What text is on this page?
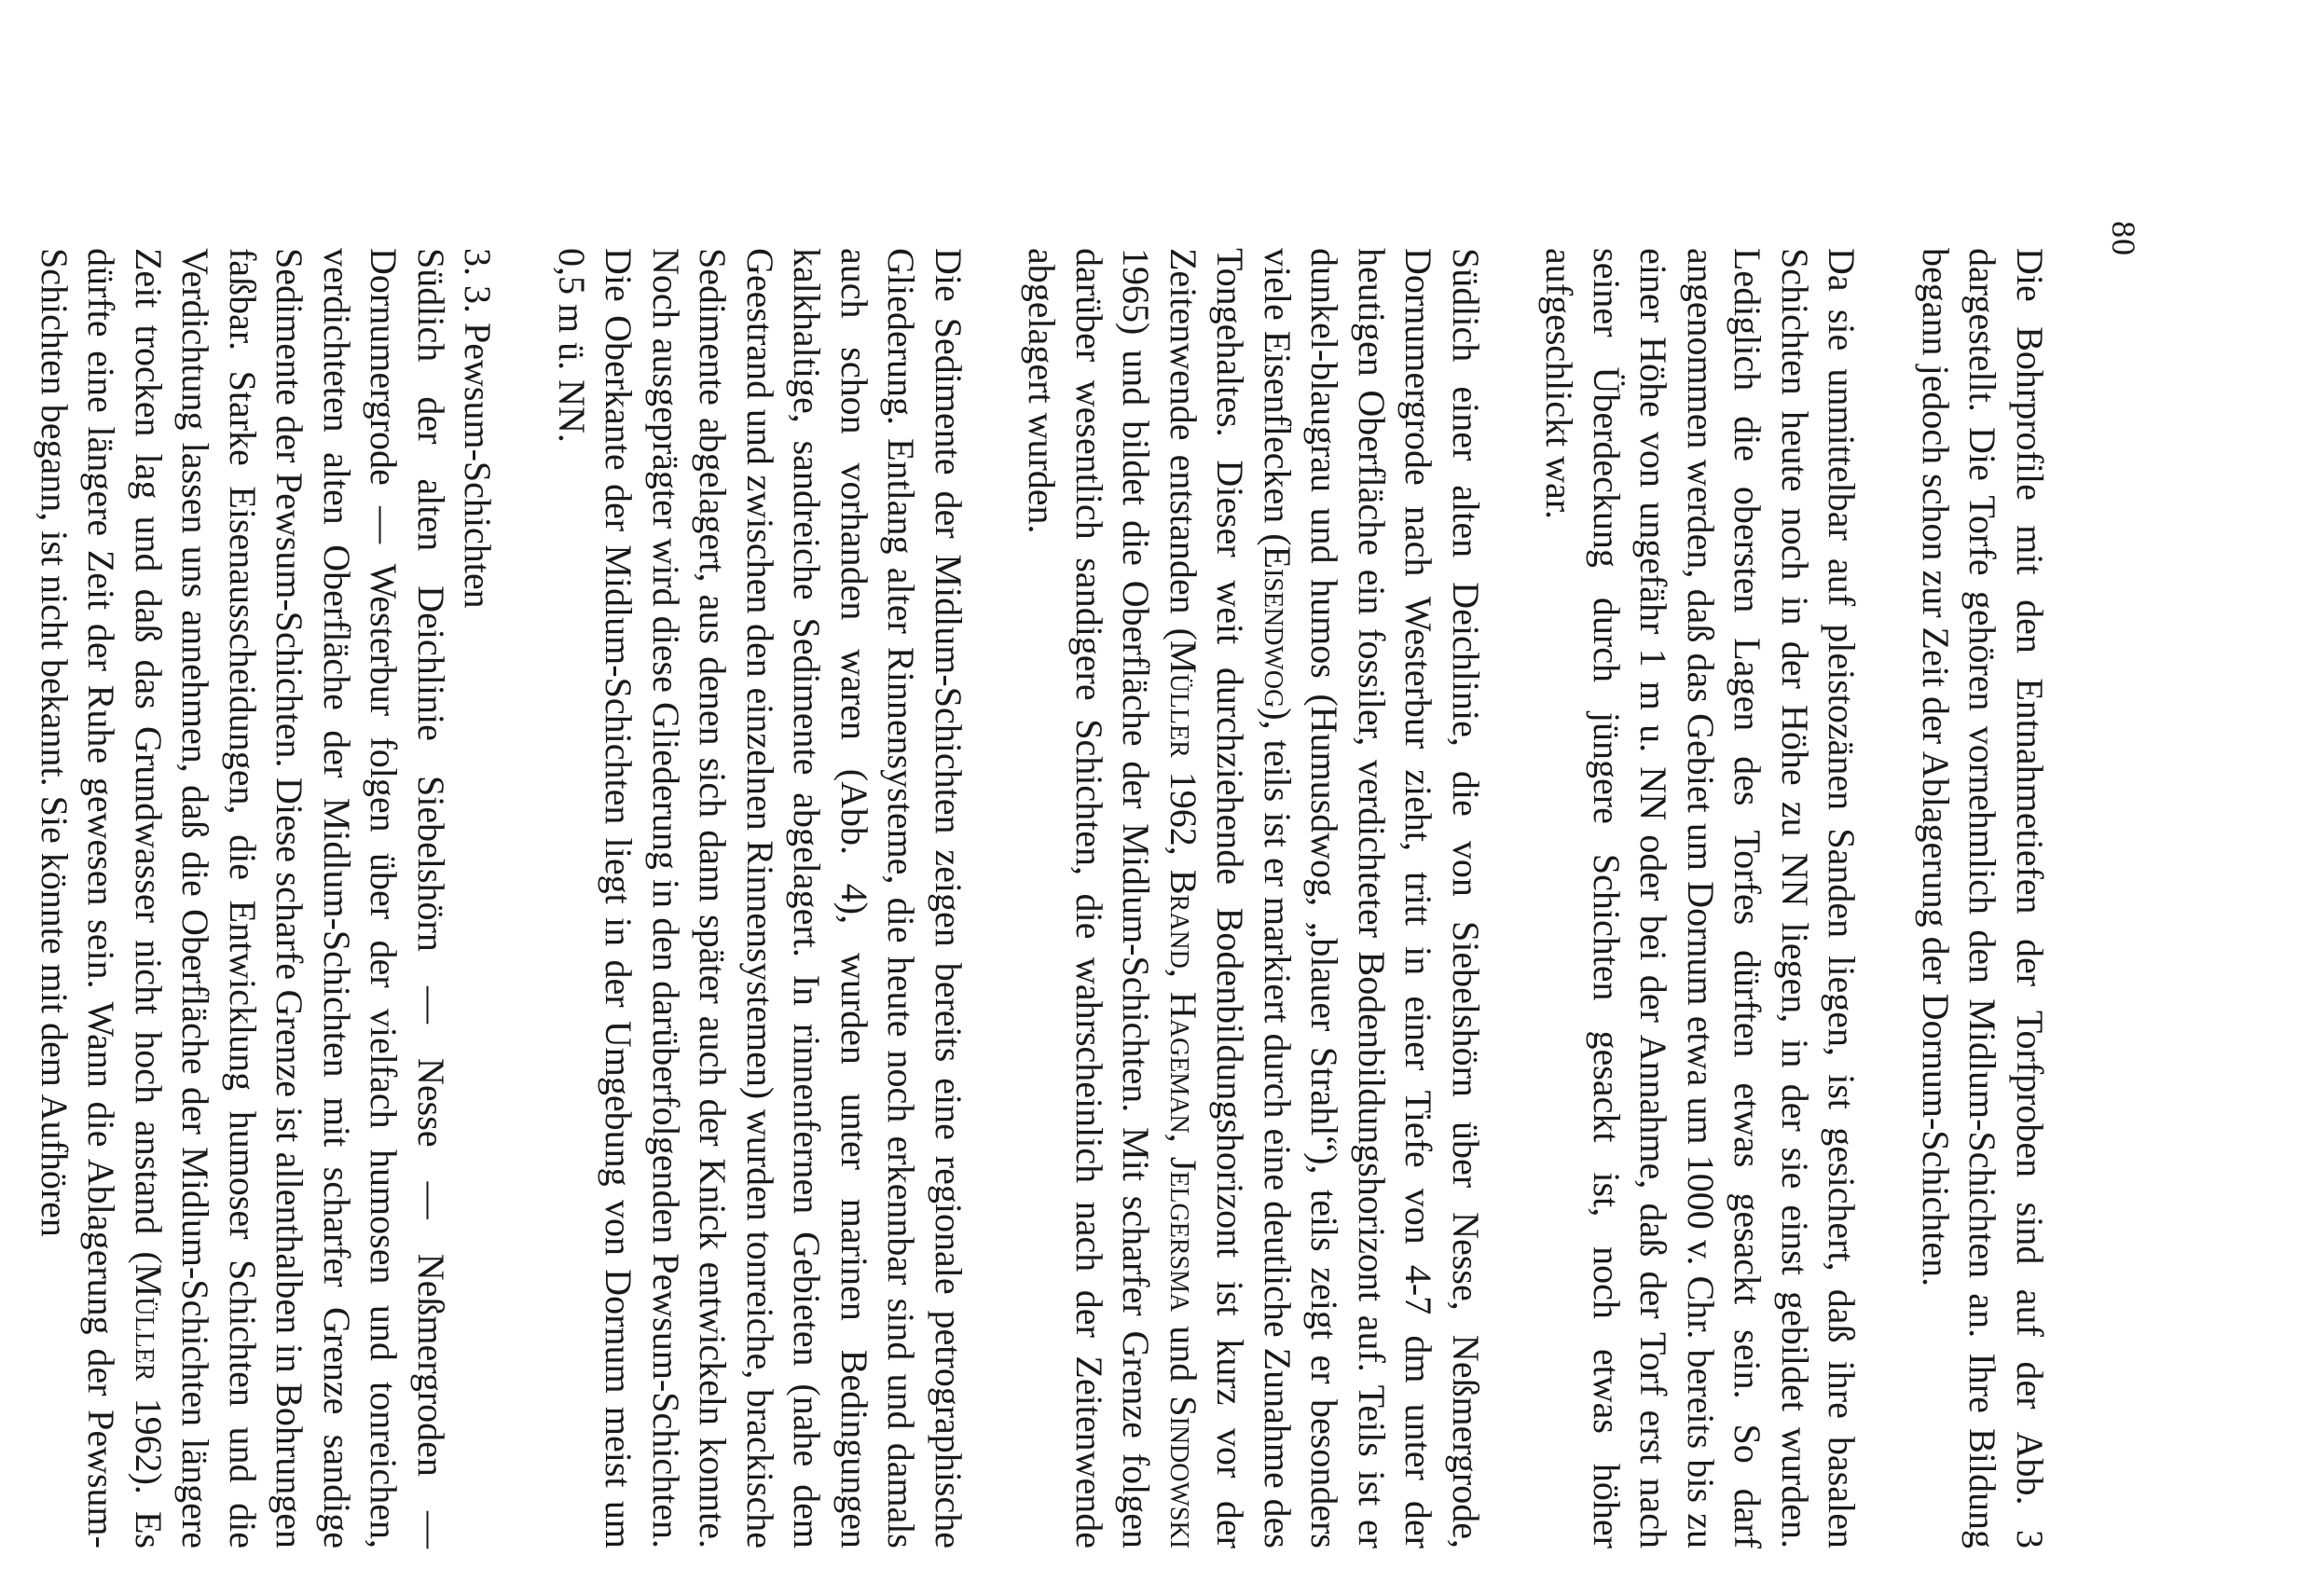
80

Die Bohrprofile mit den Entnahmetiefen der Torfproben sind auf der Abb. 3 dargestellt. Die Torfe gehören vornehmlich den Midlum-Schichten an. Ihre Bildung begann jedoch schon zur Zeit der Ablagerung der Dornum-Schichten.

Da sie unmittelbar auf pleistozänen Sanden liegen, ist gesichert, daß ihre basalen Schichten heute noch in der Höhe zu NN liegen, in der sie einst gebildet wurden. Lediglich die obersten Lagen des Torfes dürften etwas gesackt sein. So darf angenommen werden, daß das Gebiet um Dornum etwa um 1000 v. Chr. bereits bis zu einer Höhe von ungefähr 1 m u. NN oder bei der Annahme, daß der Torf erst nach seiner Überdeckung durch jüngere Schichten gesackt ist, noch etwas höher aufgeschlickt war.

Südlich einer alten Deichlinie, die von Siebelshörn über Nesse, Neßmergrode, Dornumergrode nach Westerbur zieht, tritt in einer Tiefe von 4-7 dm unter der heutigen Oberfläche ein fossiler, verdichteter Bodenbildungshorizont auf. Teils ist er dunkel-blaugrau und humos (Humusdwog, „blauer Strahl“), teils zeigt er besonders viele Eisenflecken (Eisendwog), teils ist er markiert durch eine deutliche Zunahme des Tongehaltes. Dieser weit durchziehende Bodenbildungshorizont ist kurz vor der Zeitenwende entstanden (Müller 1962, Brand, Hageman, Jelgersma und Sindowski 1965) und bildet die Oberfläche der Midlum-Schichten. Mit scharfer Grenze folgen darüber wesentlich sandigere Schichten, die wahrscheinlich nach der Zeitenwende abgelagert wurden.

Die Sedimente der Midlum-Schichten zeigen bereits eine regionale petrographische Gliederung. Entlang alter Rinnensysteme, die heute noch erkennbar sind und damals auch schon vorhanden waren (Abb. 4), wurden unter marinen Bedingungen kalkhaltige, sandreiche Sedimente abgelagert. In rinnenfernen Gebieten (nahe dem Geestrand und zwischen den einzelnen Rinnensystemen) wurden tonreiche, brackische Sedimente abgelagert, aus denen sich dann später auch der Knick entwickeln konnte. Noch ausgeprägter wird diese Gliederung in den darüberfolgenden Pewsum-Schichten. Die Oberkante der Midlum-Schichten liegt in der Umgebung von Dornum meist um 0,5 m ü. NN.

3. 3. Pewsum-Schichten

Südlich der alten Deichlinie Siebelshörn — Nesse — Neßmergroden — Dornumergrode — Westerbur folgen über der vielfach humosen und tonreichen, verdichteten alten Oberfläche der Midlum-Schichten mit scharfer Grenze sandige Sedimente der Pewsum-Schichten. Diese scharfe Grenze ist allenthalben in Bohrungen faßbar. Starke Eisenausscheidungen, die Entwicklung humoser Schichten und die Verdichtung lassen uns annehmen, daß die Oberfläche der Midlum-Schichten längere Zeit trocken lag und daß das Grundwasser nicht hoch anstand (Müller 1962). Es dürfte eine längere Zeit der Ruhe gewesen sein. Wann die Ablagerung der Pewsum-Schichten begann, ist nicht bekannt. Sie könnte mit dem Aufhören
